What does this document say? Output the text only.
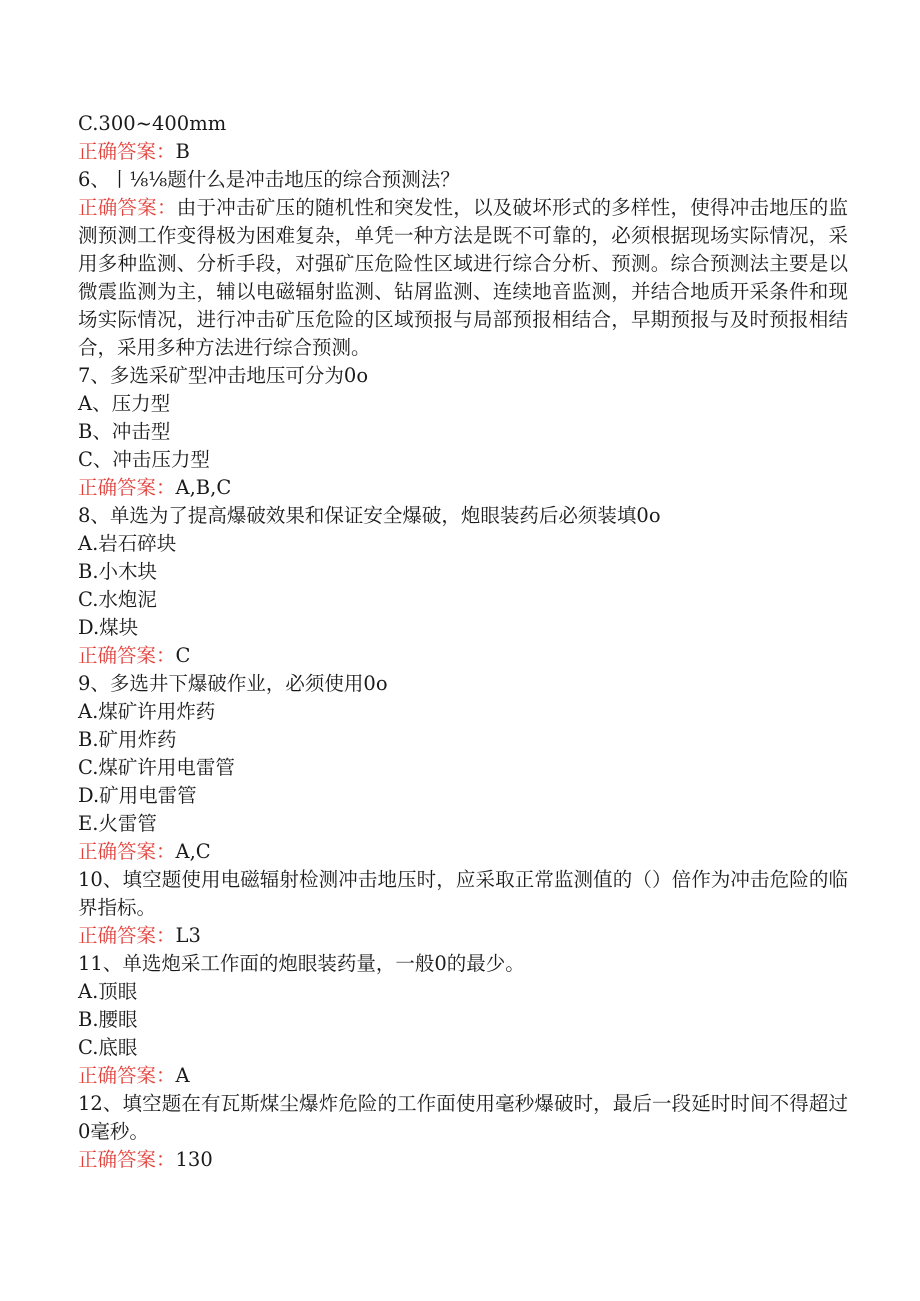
C.300~400mm

正确答案：B

6、丨⅛⅛题什么是冲击地压的综合预测法？

正确答案：由于冲击矿压的随机性和突发性，以及破坏形式的多样性，使得冲击地压的监测预测工作变得极为困难复杂，单凭一种方法是既不可靠的，必须根据现场实际情况，采用多种监测、分析手段，对强矿压危险性区域进行综合分析、预测。综合预测法主要是以微震监测为主，辅以电磁辐射监测、钻屑监测、连续地音监测，并结合地质开采条件和现场实际情况，进行冲击矿压危险的区域预报与局部预报相结合，早期预报与及时预报相结合，采用多种方法进行综合预测。

7、多选采矿型冲击地压可分为0o

A、压力型

B、冲击型

C、冲击压力型

正确答案：A,B,C

8、单选为了提高爆破效果和保证安全爆破，炮眼装药后必须装填0o

A.岩石碎块

B.小木块

C.水炮泥

D.煤块

正确答案：C

9、多选井下爆破作业，必须使用0o

A.煤矿许用炸药

B.矿用炸药

C.煤矿许用电雷管

D.矿用电雷管

E.火雷管

正确答案：A,C

10、填空题使用电磁辐射检测冲击地压时，应采取正常监测值的（）倍作为冲击危险的临界指标。

正确答案：L3

11、单选炮采工作面的炮眼装药量，一般0的最少。

A.顶眼

B.腰眼

C.底眼

正确答案：A

12、填空题在有瓦斯煤尘爆炸危险的工作面使用毫秒爆破时，最后一段延时时间不得超过0毫秒。

正确答案：130
